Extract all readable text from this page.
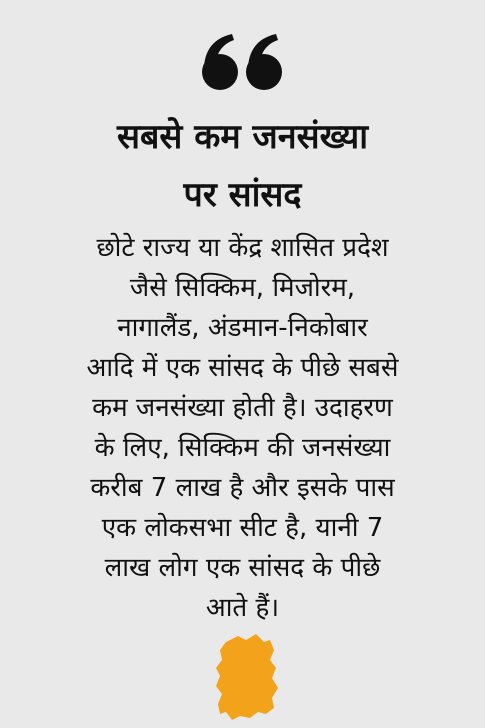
सबसे कम जनसंख्या
पर सांसद
छोटे राज्य या केंद्र शासित प्रदेश
जैसे सिक्किम, मिजोरम,
नागालैंड, अंडमान-निकोबार
आदि में एक सांसद के पीछे सबसे
कम जनसंख्या होती है। उदाहरण
के लिए, सिक्किम की जनसंख्या
करीब 7 लाख है और इसके पास
एक लोकसभा सीट है, यानी 7
लाख लोग एक सांसद के पीछे
आते हैं।
